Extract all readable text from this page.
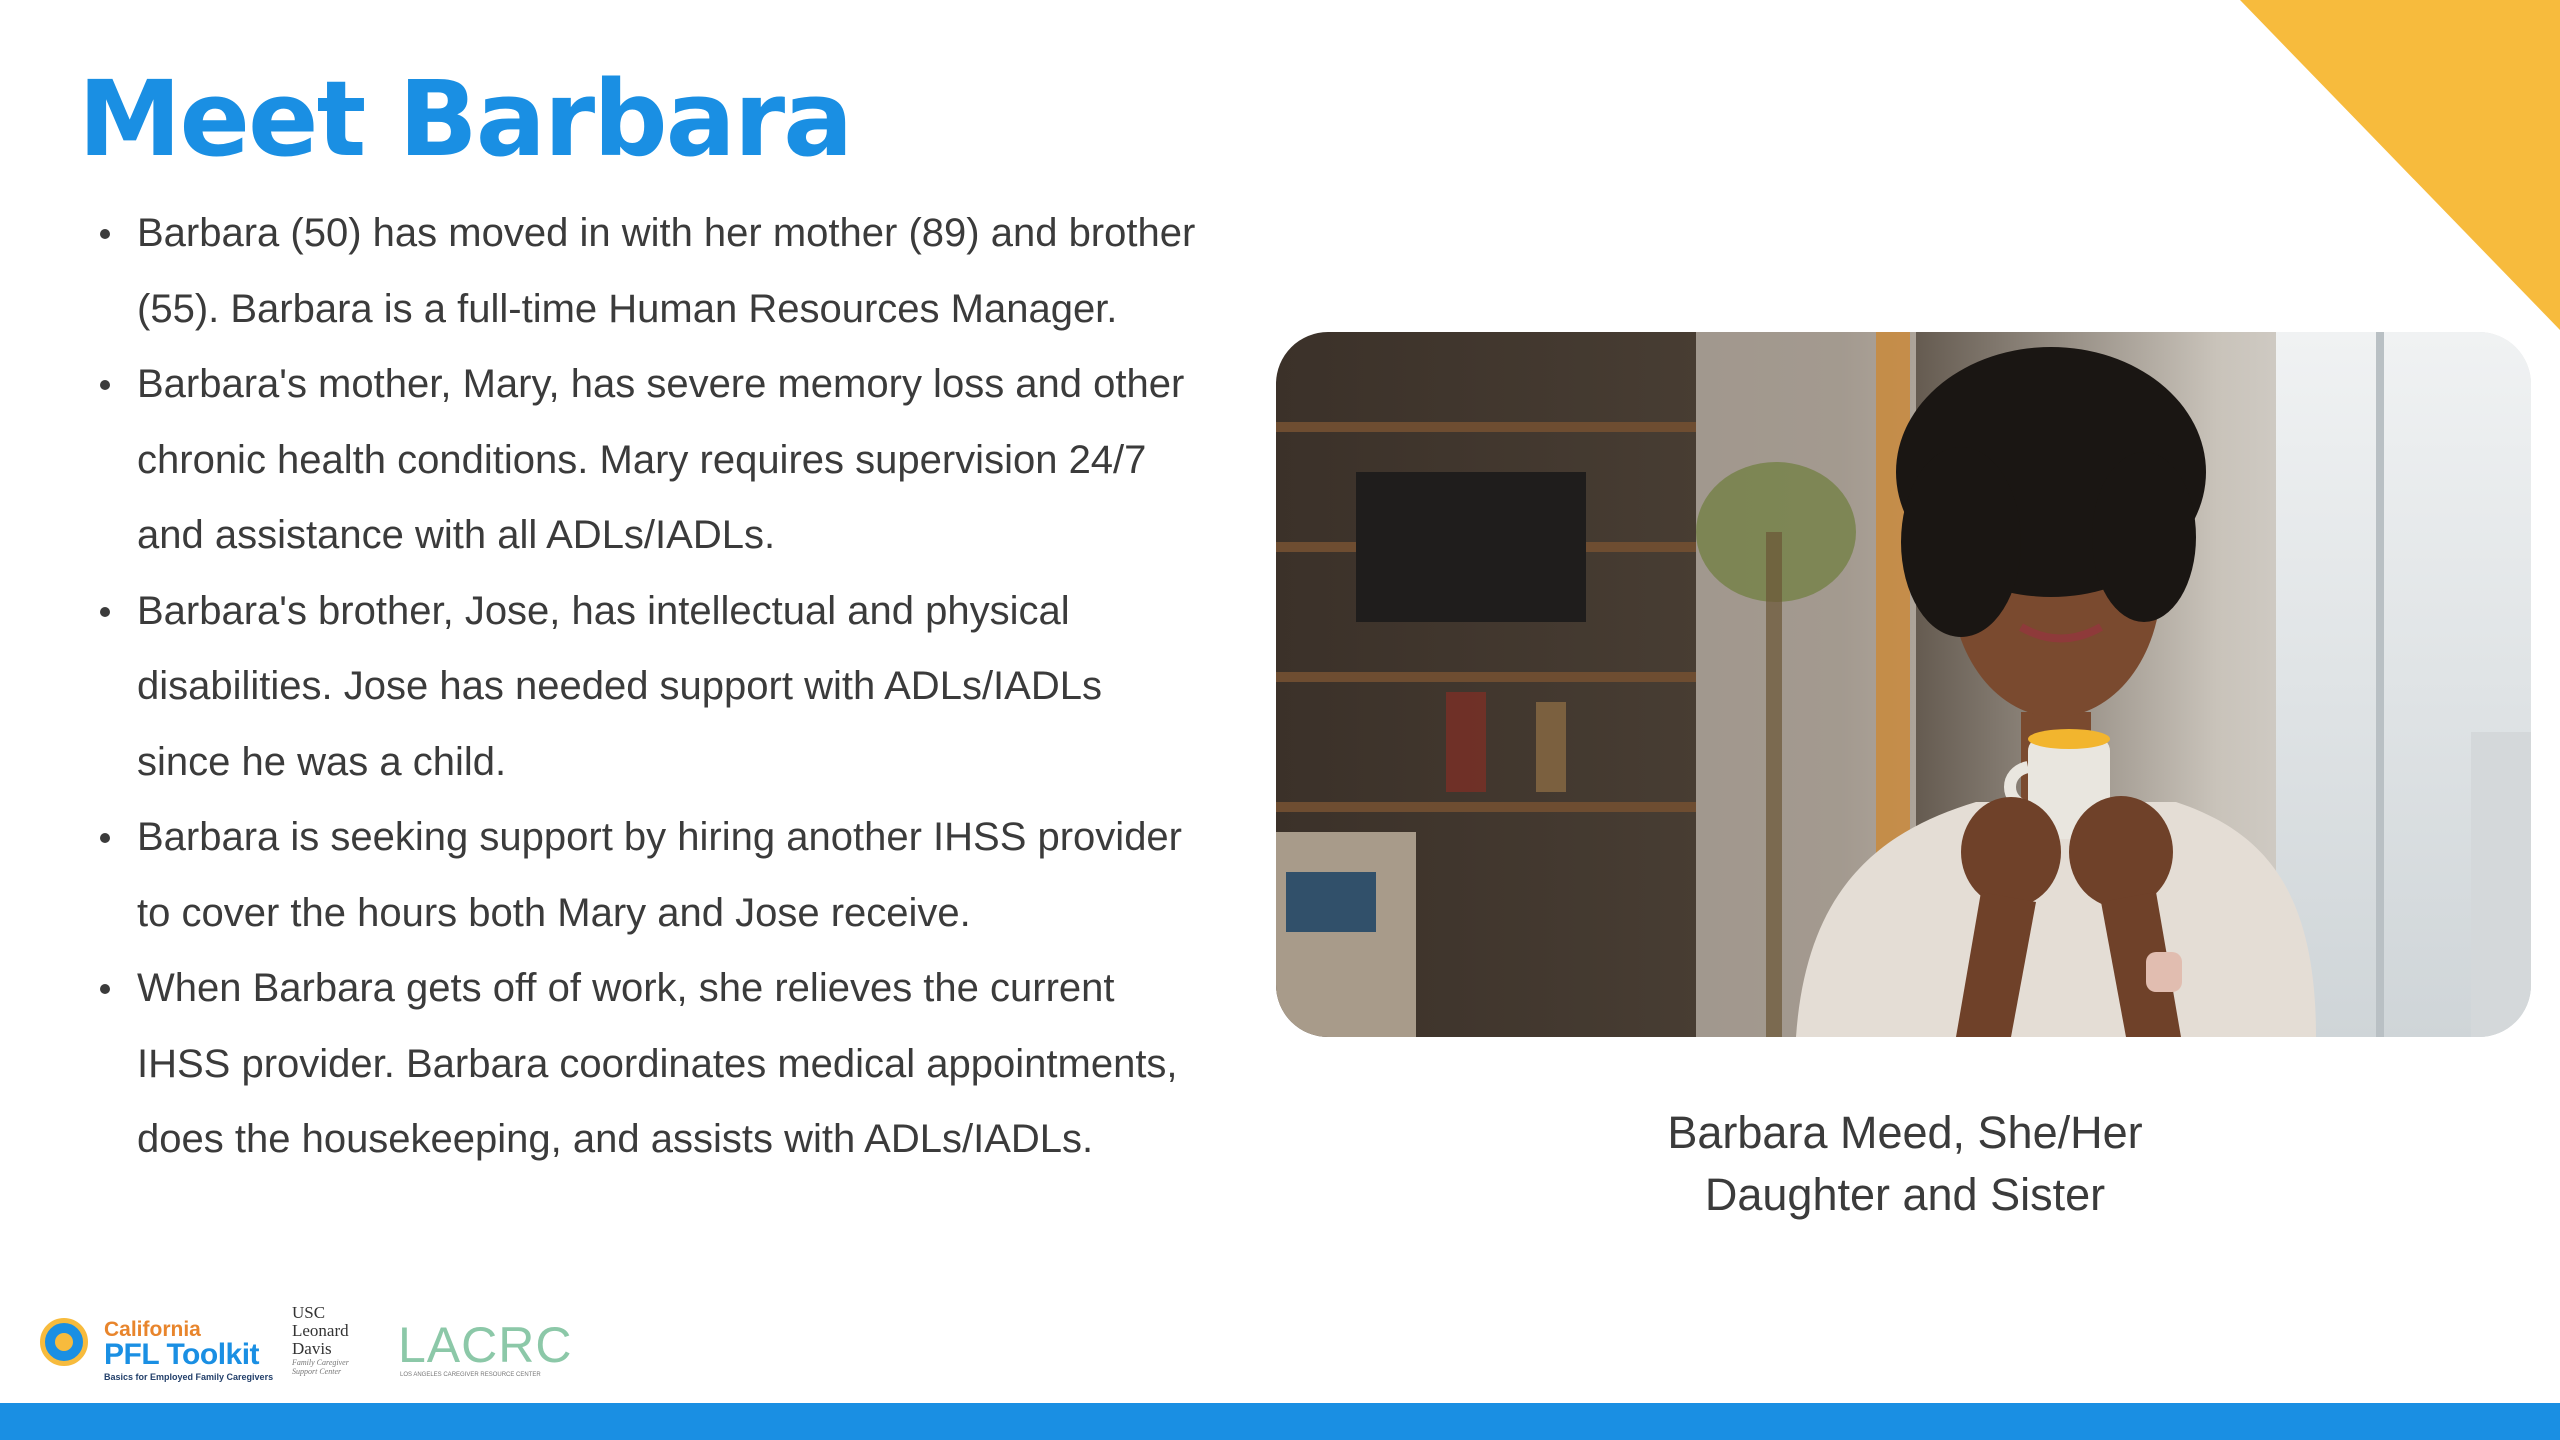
Meet Barbara
Barbara (50) has moved in with her mother (89) and brother
(55). Barbara is a full-time Human Resources Manager.
Barbara's mother, Mary, has severe memory loss and other
chronic health conditions. Mary requires supervision 24/7
and assistance with all ADLs/IADLs.
Barbara's brother, Jose, has intellectual and physical
disabilities. Jose has needed support with ADLs/IADLs
since he was a child.
Barbara is seeking support by hiring another IHSS provider
to cover the hours both Mary and Jose receive.
When Barbara gets off of work, she relieves the current
IHSS provider. Barbara coordinates medical appointments,
does the housekeeping, and assists with ADLs/IADLs.	Barbara Meed, She/Her
Daughter and Sister
California
PFL Toolkit
Basics for Employed Family Caregivers
USC
Leonard
Davis
Family Caregiver Support Center	LACRC
LOS ANGELES CAREGIVER RESOURCE CENTER
